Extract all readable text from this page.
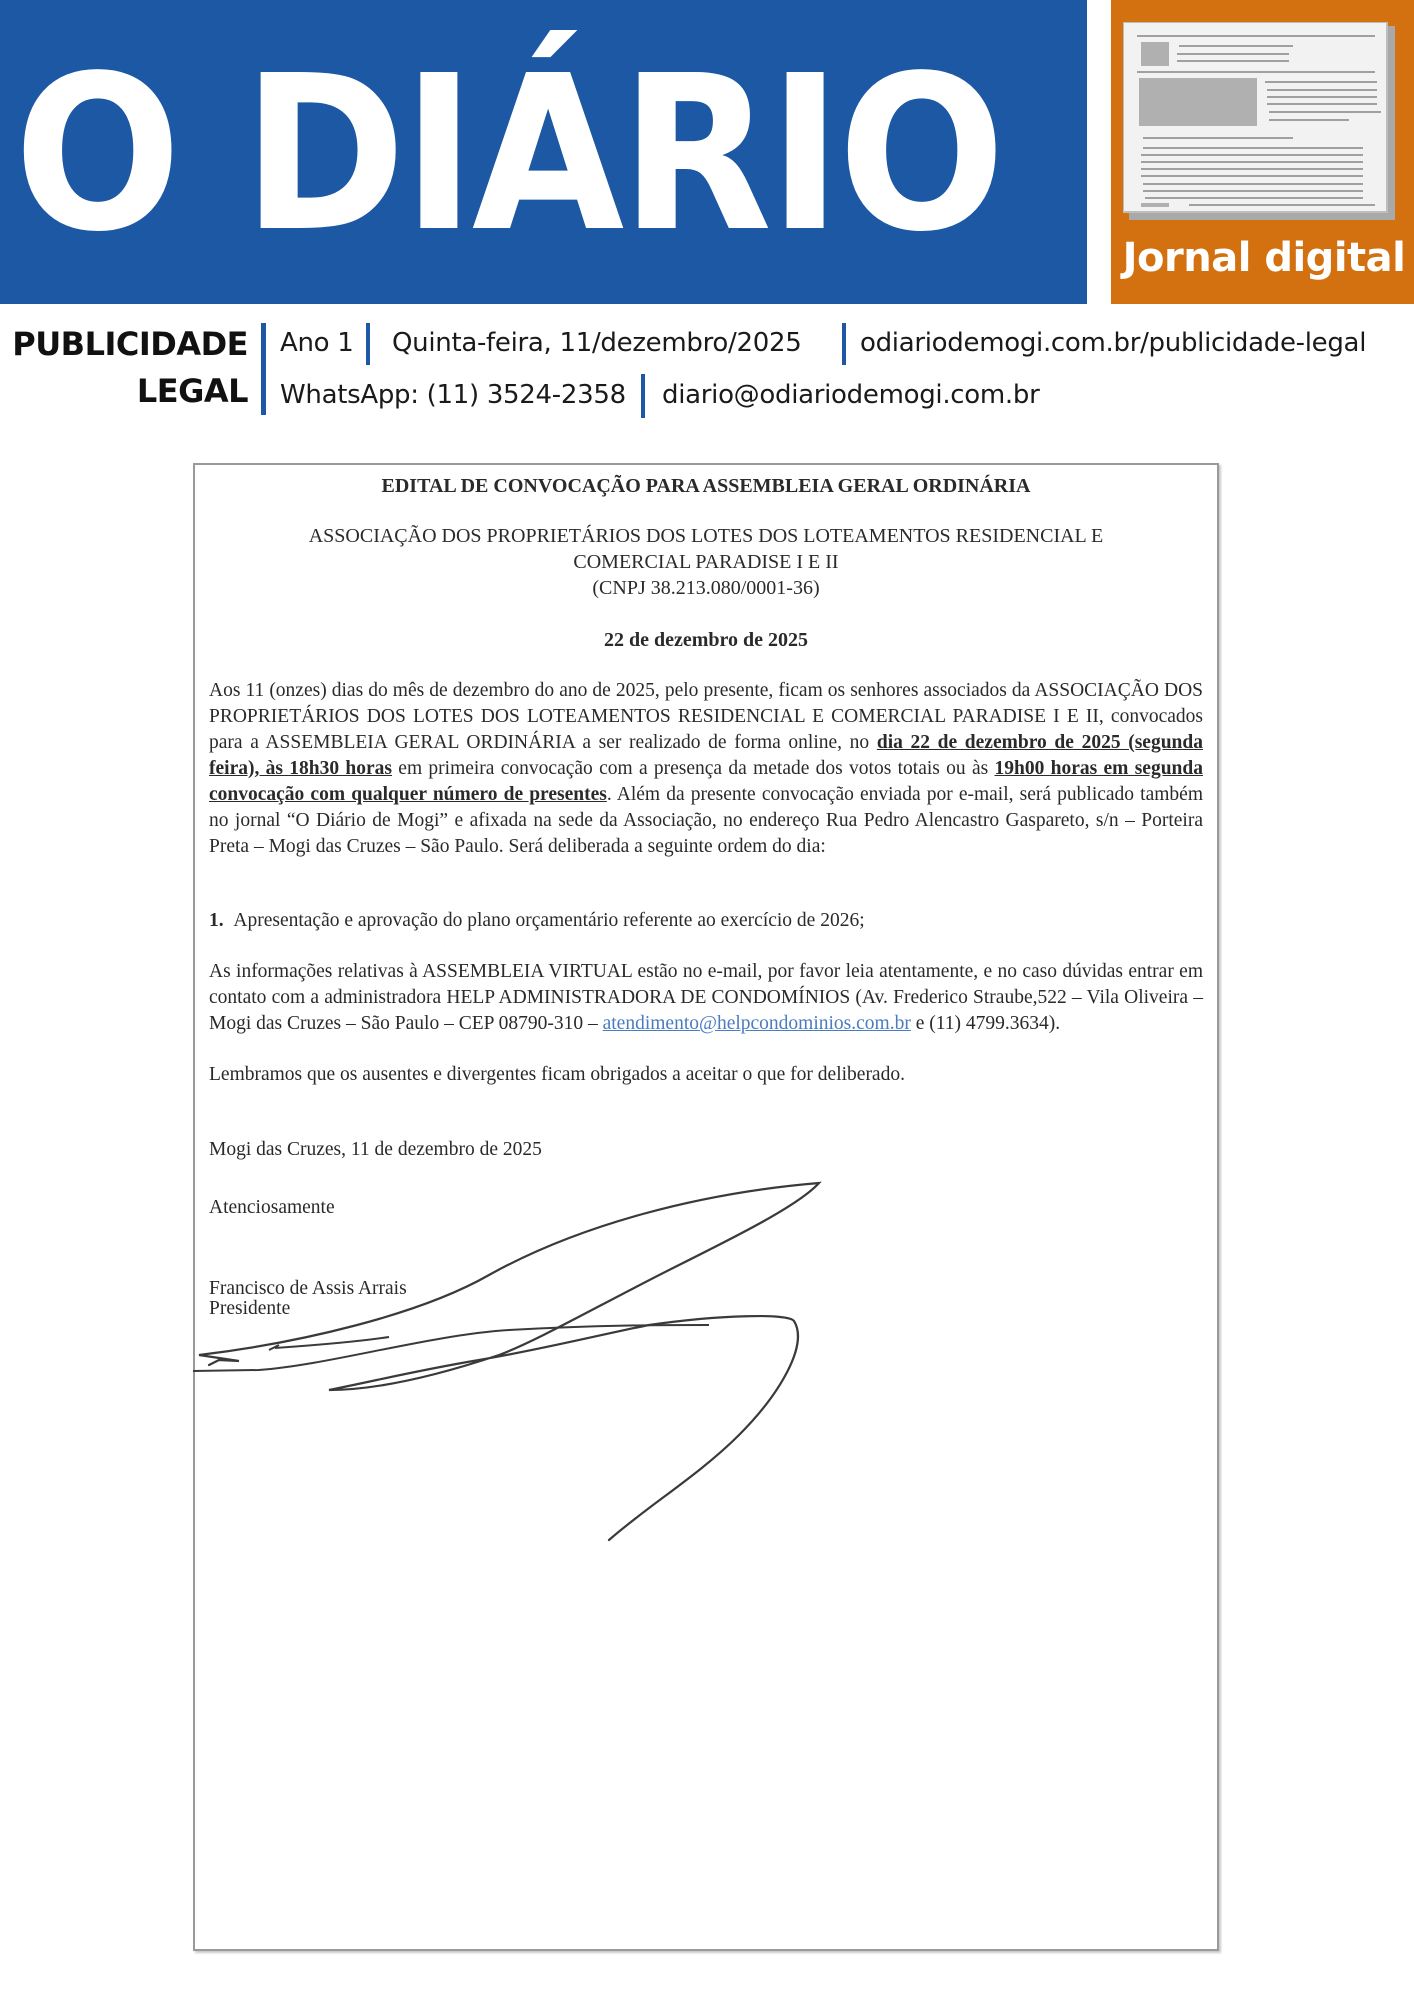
O DIÁRIO	Jornal digital
PUBLICIDADE
LEGAL
Ano 1 Quinta-feira, 11/dezembro/2025 odiariodemogi.com.br/publicidade-legal
WhatsApp: (11) 3524-2358 diario@odiariodemogi.com.br
EDITAL DE CONVOCAÇÃO PARA ASSEMBLEIA GERAL ORDINÁRIA
ASSOCIAÇÃO DOS PROPRIETÁRIOS DOS LOTES DOS LOTEAMENTOS RESIDENCIAL E
COMERCIAL PARADISE I E II
(CNPJ 38.213.080/0001-36)
22 de dezembro de 2025
Aos 11 (onzes) dias do mês de dezembro do ano de 2025, pelo presente, ficam os senhores associados da ASSOCIAÇÃO DOS PROPRIETÁRIOS DOS LOTES DOS LOTEAMENTOS RESIDENCIAL E COMERCIAL PARADISE I E II, convocados para a ASSEMBLEIA GERAL ORDINÁRIA a ser realizado de forma online, no dia 22 de dezembro de 2025 (segunda feira), às 18h30 horas em primeira convocação com a presença da metade dos votos totais ou às 19h00 horas em segunda convocação com qualquer número de presentes. Além da presente convocação enviada por e-mail, será publicado também no jornal “O Diário de Mogi” e afixada na sede da Associação, no endereço Rua Pedro Alencastro Gaspareto, s/n – Porteira Preta – Mogi das Cruzes – São Paulo. Será deliberada a seguinte ordem do dia:
1. Apresentação e aprovação do plano orçamentário referente ao exercício de 2026;
As informações relativas à ASSEMBLEIA VIRTUAL estão no e-mail, por favor leia atentamente, e no caso dúvidas entrar em contato com a administradora HELP ADMINISTRADORA DE CONDOMÍNIOS (Av. Frederico Straube,522 – Vila Oliveira – Mogi das Cruzes – São Paulo – CEP 08790-310 – atendimento@helpcondominios.com.br e (11) 4799.3634).
Lembramos que os ausentes e divergentes ficam obrigados a aceitar o que for deliberado.
Mogi das Cruzes, 11 de dezembro de 2025
Atenciosamente
Francisco de Assis Arrais
Presidente
